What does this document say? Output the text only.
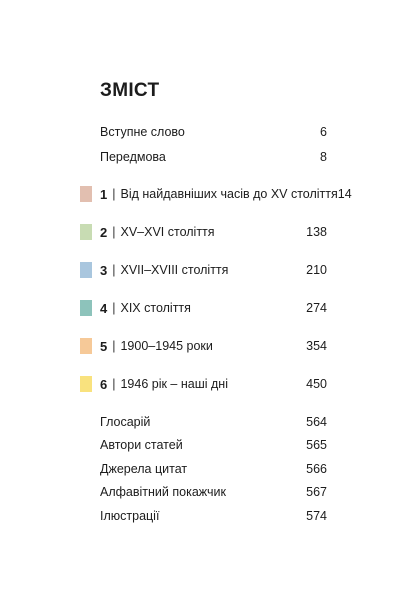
ЗМІСТ
Вступне слово	6
Передмова	8
1 | Від найдавніших часів до XV століття 14
2 | XV–XVI століття	138
3 | XVII–XVIII століття	210
4 | XIX століття	274
5 | 1900–1945 роки	354
6 | 1946 рік – наші дні	450
Глосарій	564
Автори статей	565
Джерела цитат	566
Алфавітний покажчик	567
Ілюстрації	574
